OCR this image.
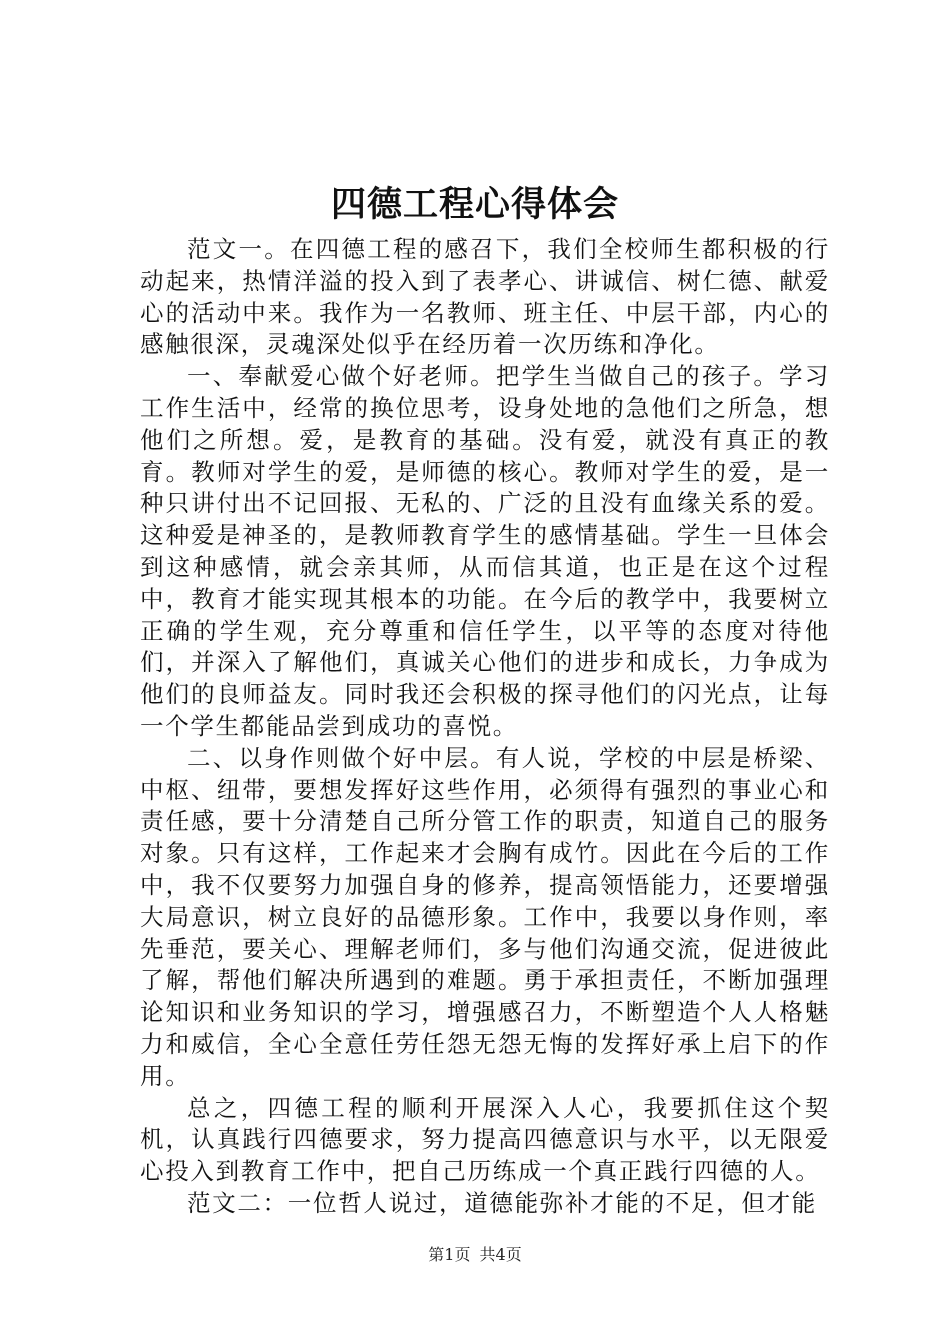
四德工程心得体会

范文一。在四德工程的感召下，我们全校师生都积极的行动起来，热情洋溢的投入到了表孝心、讲诚信、树仁德、献爱心的活动中来。我作为一名教师、班主任、中层干部，内心的感触很深，灵魂深处似乎在经历着一次历练和净化。

一、奉献爱心做个好老师。把学生当做自己的孩子。学习工作生活中，经常的换位思考，设身处地的急他们之所急，想他们之所想。爱，是教育的基础。没有爱，就没有真正的教育。教师对学生的爱，是师德的核心。教师对学生的爱，是一种只讲付出不记回报、无私的、广泛的且没有血缘关系的爱。这种爱是神圣的，是教师教育学生的感情基础。学生一旦体会到这种感情，就会亲其师，从而信其道，也正是在这个过程中，教育才能实现其根本的功能。在今后的教学中，我要树立正确的学生观，充分尊重和信任学生，以平等的态度对待他们，并深入了解他们，真诚关心他们的进步和成长，力争成为他们的良师益友。同时我还会积极的探寻他们的闪光点，让每一个学生都能品尝到成功的喜悦。

二、以身作则做个好中层。有人说，学校的中层是桥梁、中枢、纽带，要想发挥好这些作用，必须得有强烈的事业心和责任感，要十分清楚自己所分管工作的职责，知道自己的服务对象。只有这样，工作起来才会胸有成竹。因此在今后的工作中，我不仅要努力加强自身的修养，提高领悟能力，还要增强大局意识，树立良好的品德形象。工作中，我要以身作则，率先垂范，要关心、理解老师们，多与他们沟通交流，促进彼此了解，帮他们解决所遇到的难题。勇于承担责任，不断加强理论知识和业务知识的学习，增强感召力，不断塑造个人人格魅力和威信，全心全意任劳任怨无怨无悔的发挥好承上启下的作用。

总之，四德工程的顺利开展深入人心，我要抓住这个契机，认真践行四德要求，努力提高四德意识与水平，以无限爱心投入到教育工作中，把自己历练成一个真正践行四德的人。

范文二：一位哲人说过，道德能弥补才能的不足，但才能

第1页 共4页
